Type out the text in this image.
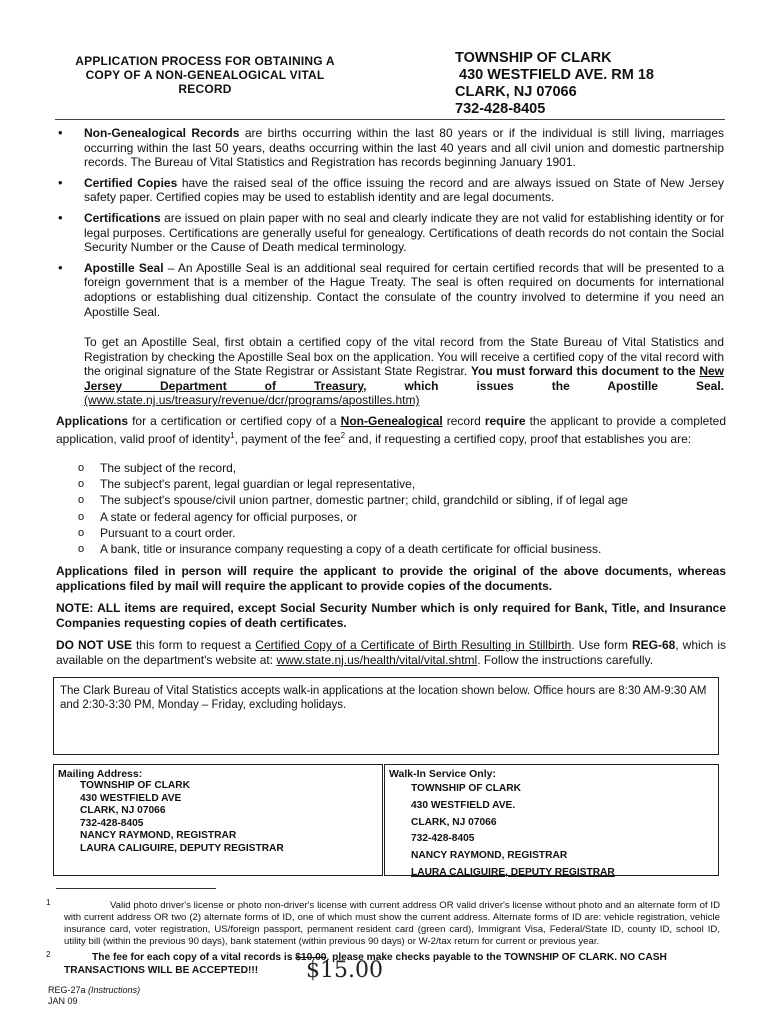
APPLICATION PROCESS FOR OBTAINING A
COPY OF A NON-GENEALOGICAL VITAL
RECORD
TOWNSHIP OF CLARK
430 WESTFIELD AVE. RM 18
CLARK, NJ 07066
732-428-8405
• Non-Genealogical Records are births occurring within the last 80 years or if the individual is still living, marriages occurring within the last 50 years, deaths occurring within the last 40 years and all civil union and domestic partnership records. The Bureau of Vital Statistics and Registration has records beginning January 1901.
• Certified Copies have the raised seal of the office issuing the record and are always issued on State of New Jersey safety paper. Certified copies may be used to establish identity and are legal documents.
• Certifications are issued on plain paper with no seal and clearly indicate they are not valid for establishing identity or for legal purposes. Certifications are generally useful for genealogy. Certifications of death records do not contain the Social Security Number or the Cause of Death medical terminology.
• Apostille Seal – An Apostille Seal is an additional seal required for certain certified records that will be presented to a foreign government that is a member of the Hague Treaty. The seal is often required on documents for international adoptions or establishing dual citizenship. Contact the consulate of the country involved to determine if you need an Apostille Seal.
To get an Apostille Seal, first obtain a certified copy of the vital record from the State Bureau of Vital Statistics and Registration by checking the Apostille Seal box on the application. You will receive a certified copy of the vital record with the original signature of the State Registrar or Assistant State Registrar. You must forward this document to the New Jersey Department of Treasury, which issues the Apostille Seal. (www.state.nj.us/treasury/revenue/dcr/programs/apostilles.htm)
Applications for a certification or certified copy of a Non-Genealogical record require the applicant to provide a completed application, valid proof of identity$^1$, payment of the fee$^2$ and, if requesting a certified copy, proof that establishes you are:
o The subject of the record,
o The subject's parent, legal guardian or legal representative,
o The subject's spouse/civil union partner, domestic partner; child, grandchild or sibling, if of legal age
o A state or federal agency for official purposes, or
o Pursuant to a court order.
o A bank, title or insurance company requesting a copy of a death certificate for official business.
Applications filed in person will require the applicant to provide the original of the above documents, whereas applications filed by mail will require the applicant to provide copies of the documents.
NOTE: ALL items are required, except Social Security Number which is only required for Bank, Title, and Insurance Companies requesting copies of death certificates.
DO NOT USE this form to request a Certified Copy of a Certificate of Birth Resulting in Stillbirth. Use form REG-68, which is available on the department's website at: www.state.nj.us/health/vital/vital.shtml. Follow the instructions carefully.

The Clark Bureau of Vital Statistics accepts walk-in applications at the location shown below. Office hours are 8:30 AM-9:30 AM and 2:30-3:30 PM, Monday – Friday, excluding holidays.

Mailing Address:
TOWNSHIP OF CLARK
430 WESTFIELD AVE
CLARK, NJ 07066
732-428-8405
NANCY RAYMOND, REGISTRAR
LAURA CALIGUIRE, DEPUTY REGISTRAR
Walk-In Service Only:
TOWNSHIP OF CLARK
430 WESTFIELD AVE.
CLARK, NJ 07066
732-428-8405
NANCY RAYMOND, REGISTRAR
LAURA CALIGUIRE, DEPUTY REGISTRAR
1	Valid photo driver's license or photo non-driver's license with current address OR valid driver's license without photo and an alternate form of ID with current address OR two (2) alternate forms of ID, one of which must show the current address. Alternate forms of ID are: vehicle registration, vehicle insurance card, voter registration, US/foreign passport, permanent resident card (green card), Immigrant Visa, Federal/State ID, county ID, school ID, utility bill (within the previous 90 days), bank statement (within previous 90 days) or W-2/tax return for current or previous year.
2	The fee for each copy of a vital records is $10.00. please make checks payable to the TOWNSHIP OF CLARK. NO CASH TRANSACTIONS WILL BE ACCEPTED!!!	$15.00
REG-27a (Instructions)
JAN 09
